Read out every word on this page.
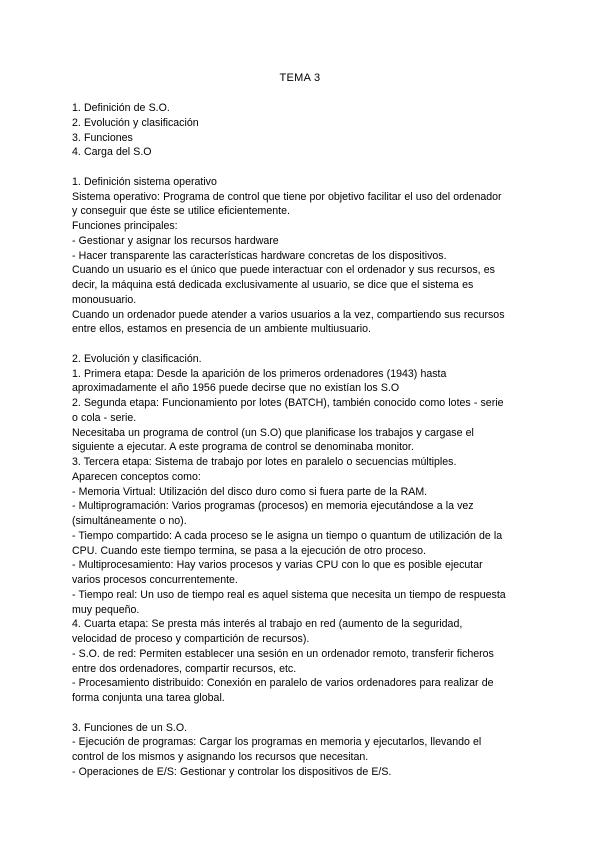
TEMA 3
1. Definición de S.O.
2. Evolución y clasificación
3. Funciones
4. Carga del S.O
1. Definición sistema operativo
Sistema operativo: Programa de control que tiene por objetivo facilitar el uso del ordenador
y conseguir que éste se utilice eficientemente.
Funciones principales:
- Gestionar y asignar los recursos hardware
- Hacer transparente las características hardware concretas de los dispositivos.
Cuando un usuario es el único que puede interactuar con el ordenador y sus recursos, es
decir, la máquina está dedicada exclusivamente al usuario, se dice que el sistema es
monousuario.
Cuando un ordenador puede atender a varios usuarios a la vez, compartiendo sus recursos
entre ellos, estamos en presencia de un ambiente multiusuario.
2. Evolución y clasificación.
1. Primera etapa: Desde la aparición de los primeros ordenadores (1943) hasta
aproximadamente el año 1956 puede decirse que no existían los S.O
2. Segunda etapa: Funcionamiento por lotes (BATCH), también conocido como lotes - serie
o cola - serie.
Necesitaba un programa de control (un S.O) que planificase los trabajos y cargase el
siguiente a ejecutar. A este programa de control se denominaba monitor.
3. Tercera etapa: Sistema de trabajo por lotes en paralelo o secuencias múltiples.
Aparecen conceptos como:
- Memoria Virtual: Utilización del disco duro como si fuera parte de la RAM.
- Multiprogramación: Varios programas (procesos) en memoria ejecutándose a la vez
(simultáneamente o no).
- Tiempo compartido: A cada proceso se le asigna un tiempo o quantum de utilización de la
CPU. Cuando este tiempo termina, se pasa a la ejecución de otro proceso.
- Multiprocesamiento: Hay varios procesos y varias CPU con lo que es posible ejecutar
varios procesos concurrentemente.
- Tiempo real: Un uso de tiempo real es aquel sistema que necesita un tiempo de respuesta
muy pequeño.
4. Cuarta etapa: Se presta más interés al trabajo en red (aumento de la seguridad,
velocidad de proceso y compartición de recursos).
- S.O. de red: Permiten establecer una sesión en un ordenador remoto, transferir ficheros
entre dos ordenadores, compartir recursos, etc.
- Procesamiento distribuido: Conexión en paralelo de varios ordenadores para realizar de
forma conjunta una tarea global.
3. Funciones de un S.O.
- Ejecución de programas: Cargar los programas en memoria y ejecutarlos, llevando el
control de los mismos y asignando los recursos que necesitan.
- Operaciones de E/S: Gestionar y controlar los dispositivos de E/S.
